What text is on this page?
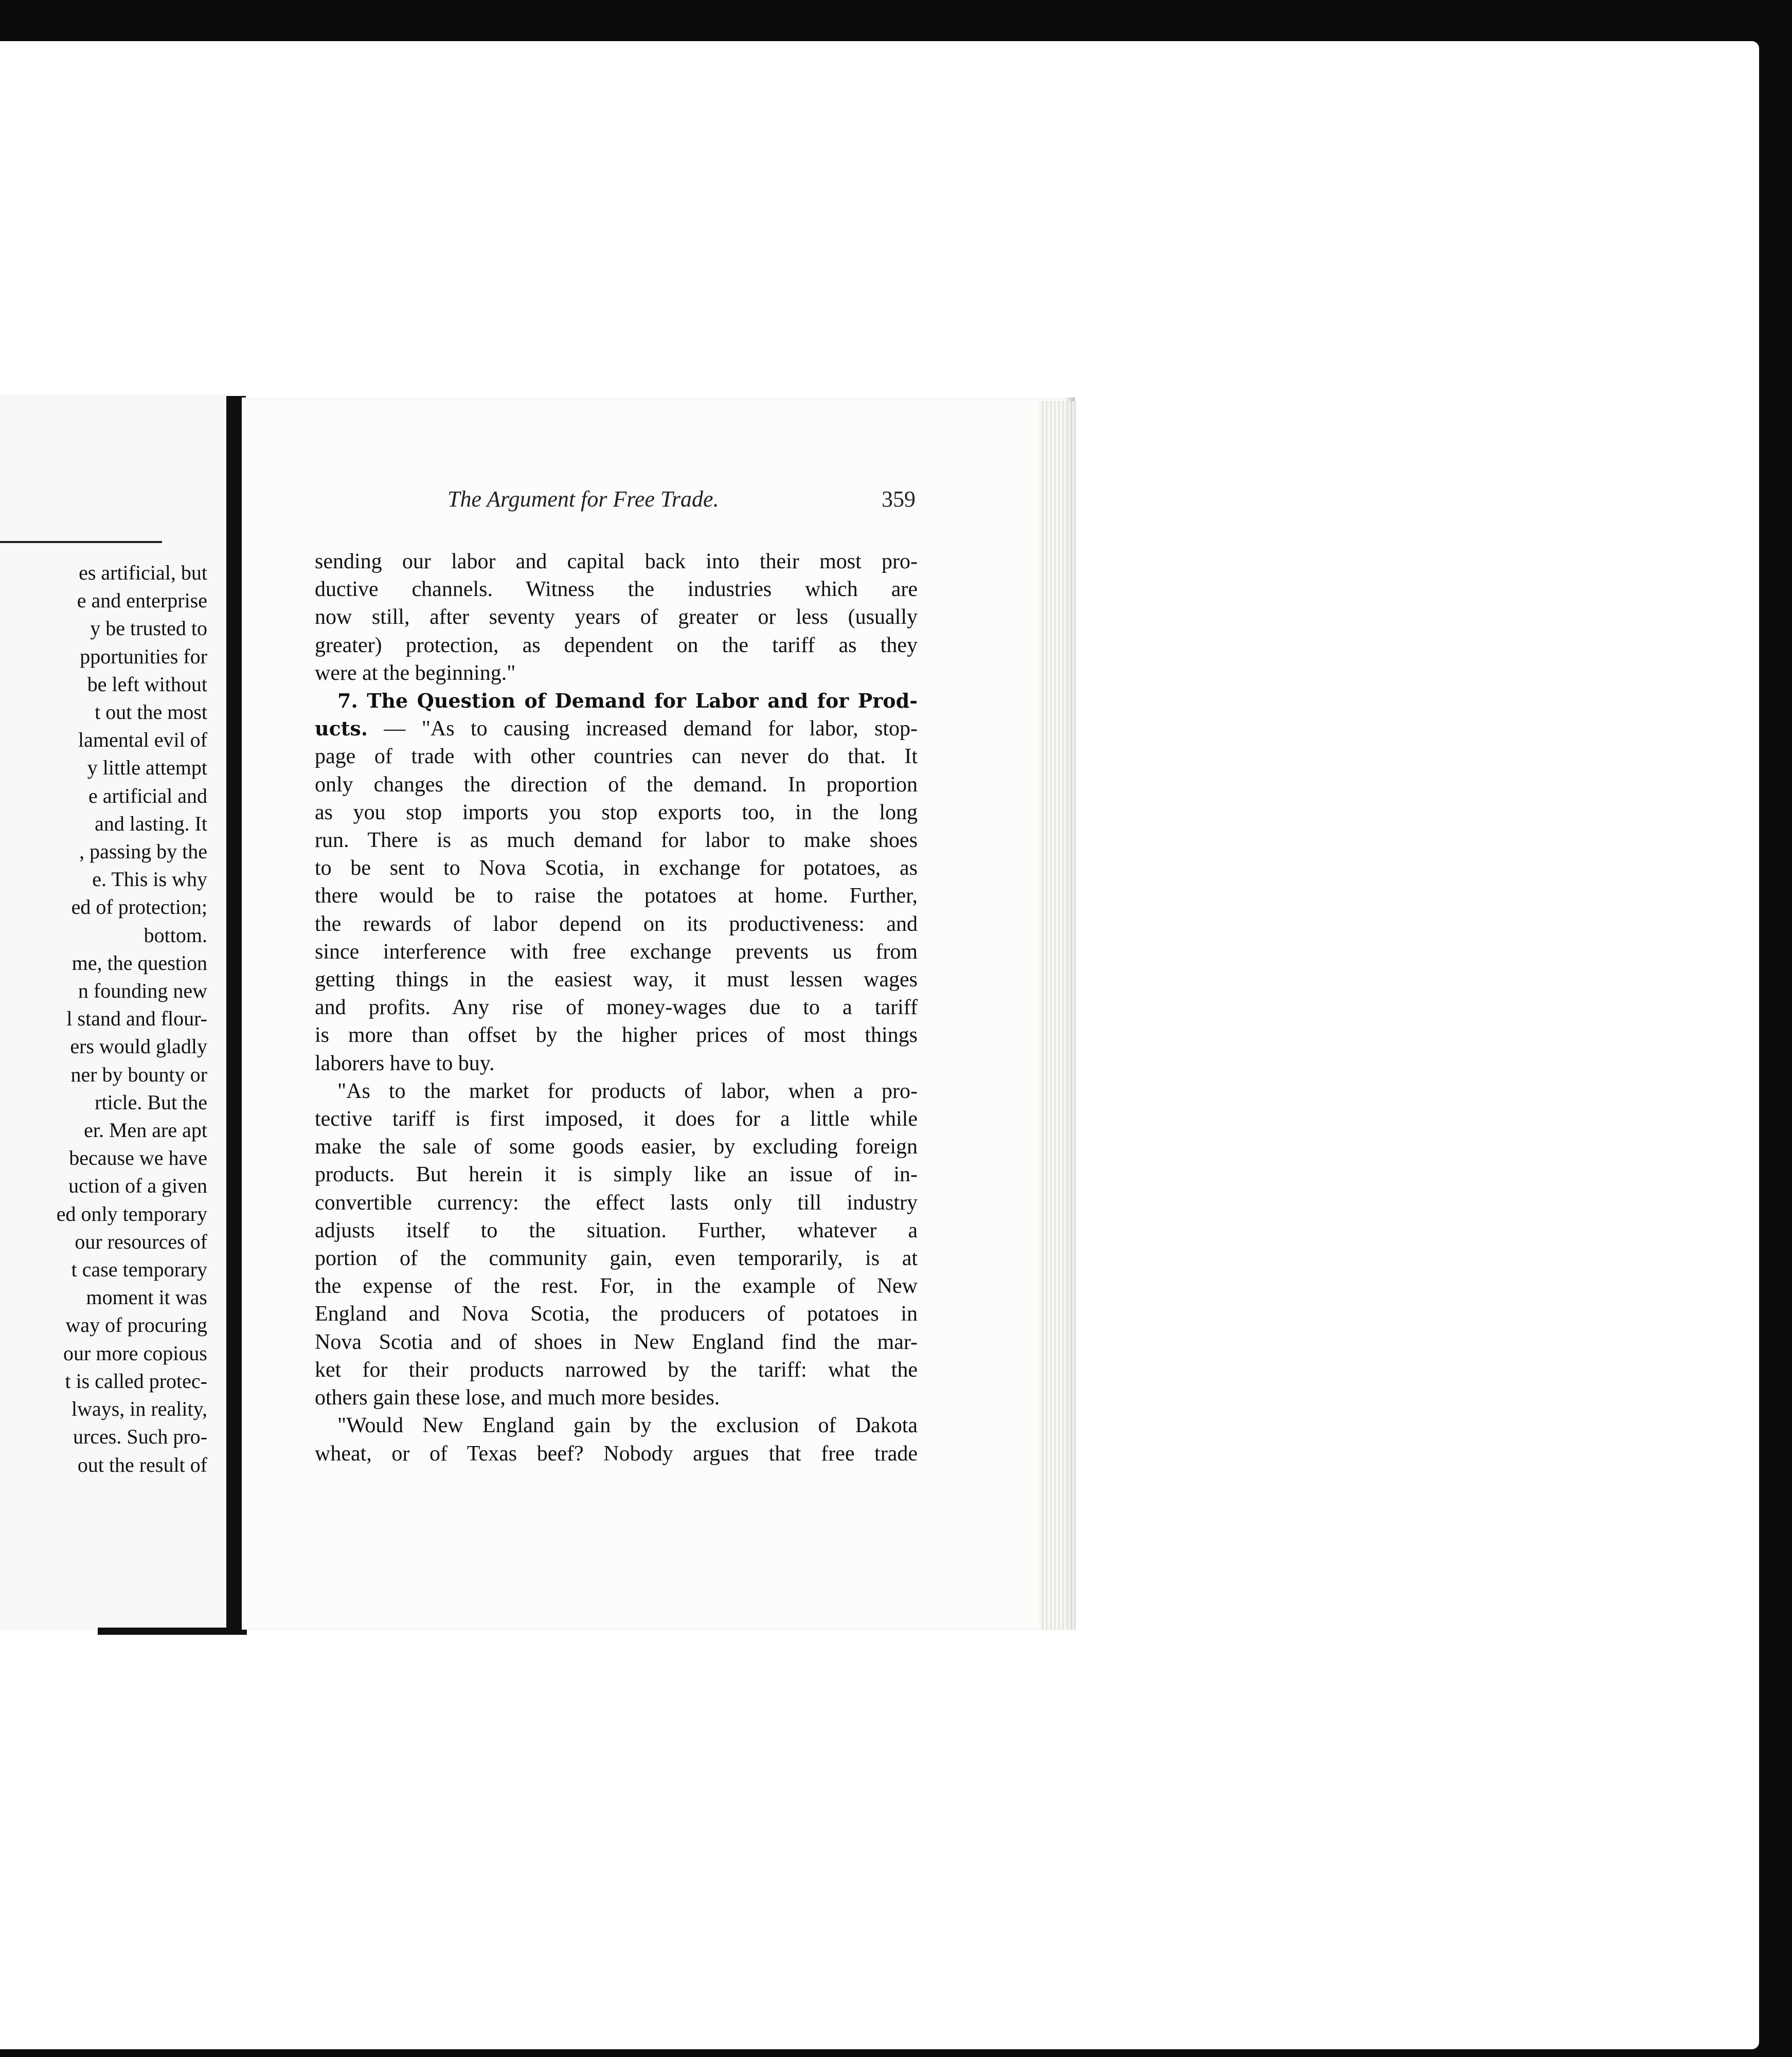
es artificial, but
e and enterprise
y be trusted to
pportunities for
be left without
t out the most
lamental evil of
y little attempt
e artificial and
and lasting. It
, passing by the
e. This is why
ed of protection;
bottom.
me, the question
n founding new
l stand and flour-
ers would gladly
ner by bounty or
rticle. But the
er. Men are apt
because we have
uction of a given
ed only temporary
our resources of
t case temporary
moment it was
way of procuring
our more copious
t is called protec-
lways, in reality,
urces. Such pro-
out the result of
The Argument for Free Trade.	359
sending our labor and capital back into their most pro-
ductive channels. Witness the industries which are
now still, after seventy years of greater or less (usually
greater) protection, as dependent on the tariff as they
were at the beginning."
7. The Question of Demand for Labor and for Prod-
ucts. — "As to causing increased demand for labor, stop-
page of trade with other countries can never do that. It
only changes the direction of the demand. In proportion
as you stop imports you stop exports too, in the long
run. There is as much demand for labor to make shoes
to be sent to Nova Scotia, in exchange for potatoes, as
there would be to raise the potatoes at home. Further,
the rewards of labor depend on its productiveness: and
since interference with free exchange prevents us from
getting things in the easiest way, it must lessen wages
and profits. Any rise of money-wages due to a tariff
is more than offset by the higher prices of most things
laborers have to buy.
"As to the market for products of labor, when a pro-
tective tariff is first imposed, it does for a little while
make the sale of some goods easier, by excluding foreign
products. But herein it is simply like an issue of in-
convertible currency: the effect lasts only till industry
adjusts itself to the situation. Further, whatever a
portion of the community gain, even temporarily, is at
the expense of the rest. For, in the example of New
England and Nova Scotia, the producers of potatoes in
Nova Scotia and of shoes in New England find the mar-
ket for their products narrowed by the tariff: what the
others gain these lose, and much more besides.
"Would New England gain by the exclusion of Dakota
wheat, or of Texas beef? Nobody argues that free trade
